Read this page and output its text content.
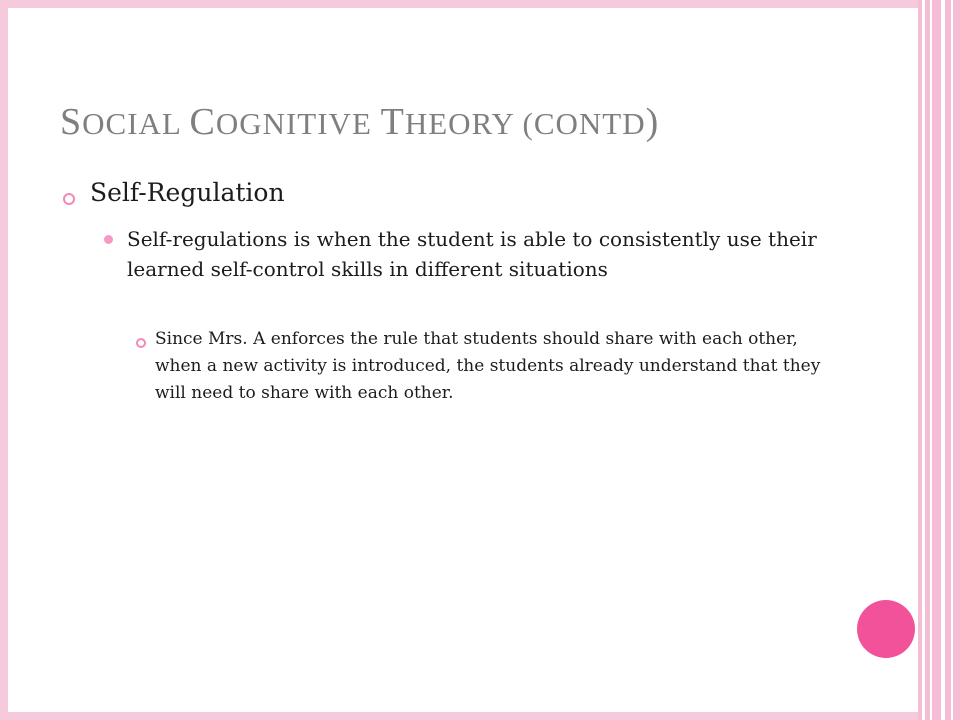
SOCIAL COGNITIVE THEORY (CONTD)
Self-Regulation

Self-regulations is when the student is able to consistently use their learned self-control skills in different situations

Since Mrs. A enforces the rule that students should share with each other, when a new activity is introduced, the students already understand that they will need to share with each other.
